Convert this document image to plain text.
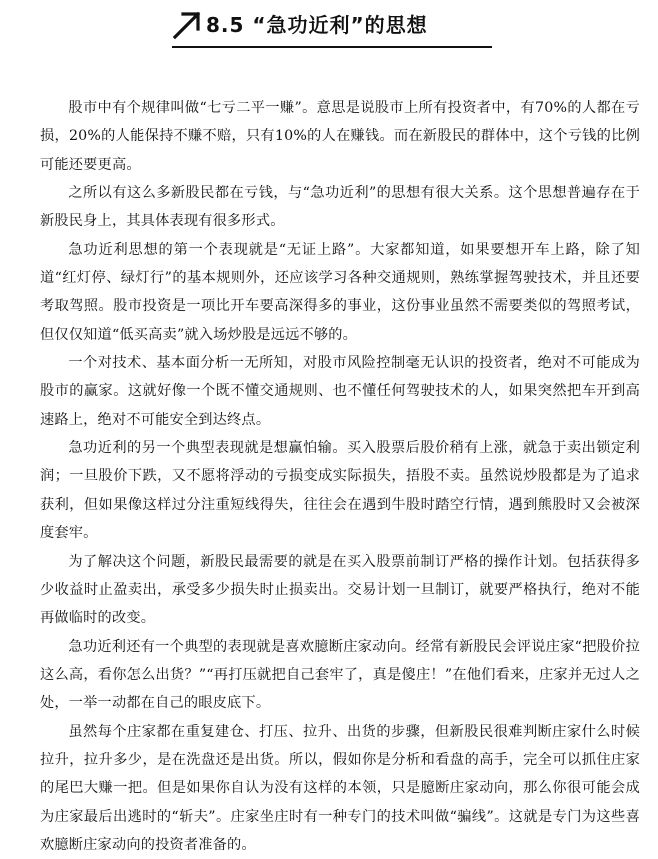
8.5 “急功近利”的思想

股市中有个规律叫做“七亏二平一赚”。意思是说股市上所有投资者中，有70%的人都在亏损，20%的人能保持不赚不赔，只有10%的人在赚钱。而在新股民的群体中，这个亏钱的比例可能还要更高。

之所以有这么多新股民都在亏钱，与“急功近利”的思想有很大关系。这个思想普遍存在于新股民身上，其具体表现有很多形式。

急功近利思想的第一个表现就是“无证上路”。大家都知道，如果要想开车上路，除了知道“红灯停、绿灯行”的基本规则外，还应该学习各种交通规则，熟练掌握驾驶技术，并且还要考取驾照。股市投资是一项比开车要高深得多的事业，这份事业虽然不需要类似的驾照考试，但仅仅知道“低买高卖”就入场炒股是远远不够的。

一个对技术、基本面分析一无所知，对股市风险控制毫无认识的投资者，绝对不可能成为股市的赢家。这就好像一个既不懂交通规则、也不懂任何驾驶技术的人，如果突然把车开到高速路上，绝对不可能安全到达终点。

急功近利的另一个典型表现就是想赢怕输。买入股票后股价稍有上涨，就急于卖出锁定利润；一旦股价下跌，又不愿将浮动的亏损变成实际损失，捂股不卖。虽然说炒股都是为了追求获利，但如果像这样过分注重短线得失，往往会在遇到牛股时踏空行情，遇到熊股时又会被深度套牢。

为了解决这个问题，新股民最需要的就是在买入股票前制订严格的操作计划。包括获得多少收益时止盈卖出，承受多少损失时止损卖出。交易计划一旦制订，就要严格执行，绝对不能再做临时的改变。

急功近利还有一个典型的表现就是喜欢臆断庄家动向。经常有新股民会评说庄家“把股价拉这么高，看你怎么出货？”“再打压就把自己套牢了，真是傻庄！”在他们看来，庄家并无过人之处，一举一动都在自己的眼皮底下。

虽然每个庄家都在重复建仓、打压、拉升、出货的步骤，但新股民很难判断庄家什么时候拉升，拉升多少，是在洗盘还是出货。所以，假如你是分析和看盘的高手，完全可以抓住庄家的尾巴大赚一把。但是如果你自认为没有这样的本领，只是臆断庄家动向，那么你很可能会成为庄家最后出逃时的“斩夫”。庄家坐庄时有一种专门的技术叫做“骗线”。这就是专门为这些喜欢臆断庄家动向的投资者准备的。
